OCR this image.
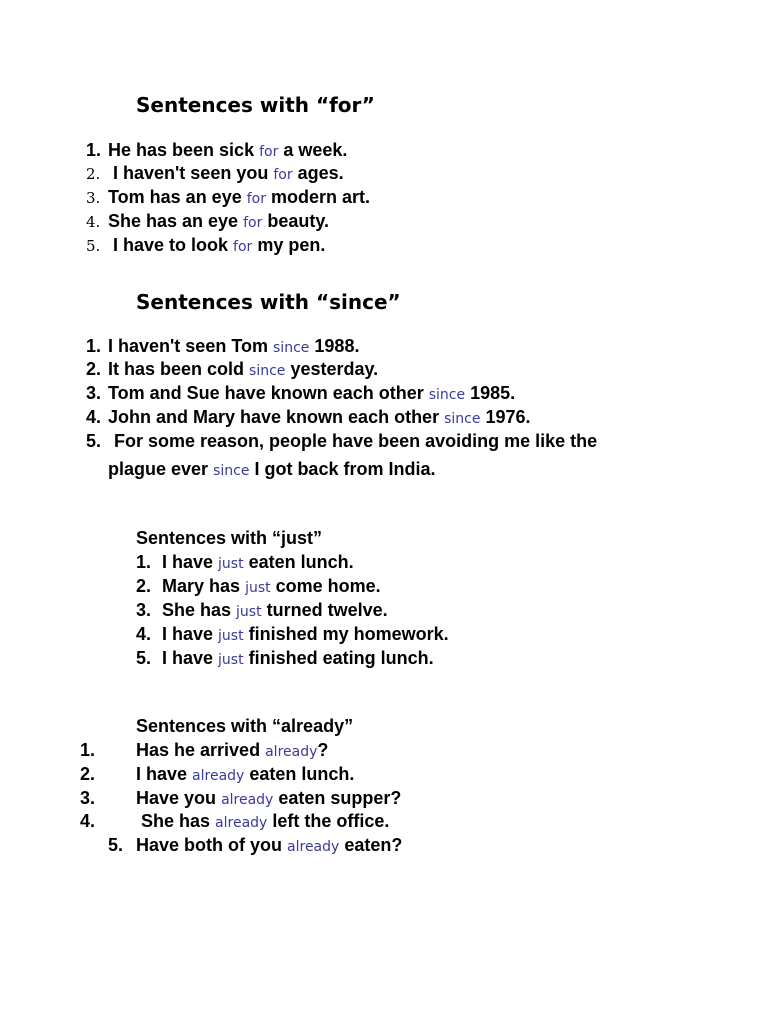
Sentences with “for”
1. He has been sick for a week.
2. I haven't seen you for ages.
3. Tom has an eye for modern art.
4. She has an eye for beauty.
5. I have to look for my pen.
Sentences with “since”
1. I haven't seen Tom since 1988.
2. It has been cold since yesterday.
3. Tom and Sue have known each other since 1985.
4. John and Mary have known each other since 1976.
5. For some reason, people have been avoiding me like the
plague ever since I got back from India.
Sentences with “just”
1. I have just eaten lunch.
2. Mary has just come home.
3. She has just turned twelve.
4. I have just finished my homework.
5. I have just finished eating lunch.
Sentences with “already”
1. Has he arrived already?
2. I have already eaten lunch.
3. Have you already eaten supper?
4. She has already left the office.
5. Have both of you already eaten?
